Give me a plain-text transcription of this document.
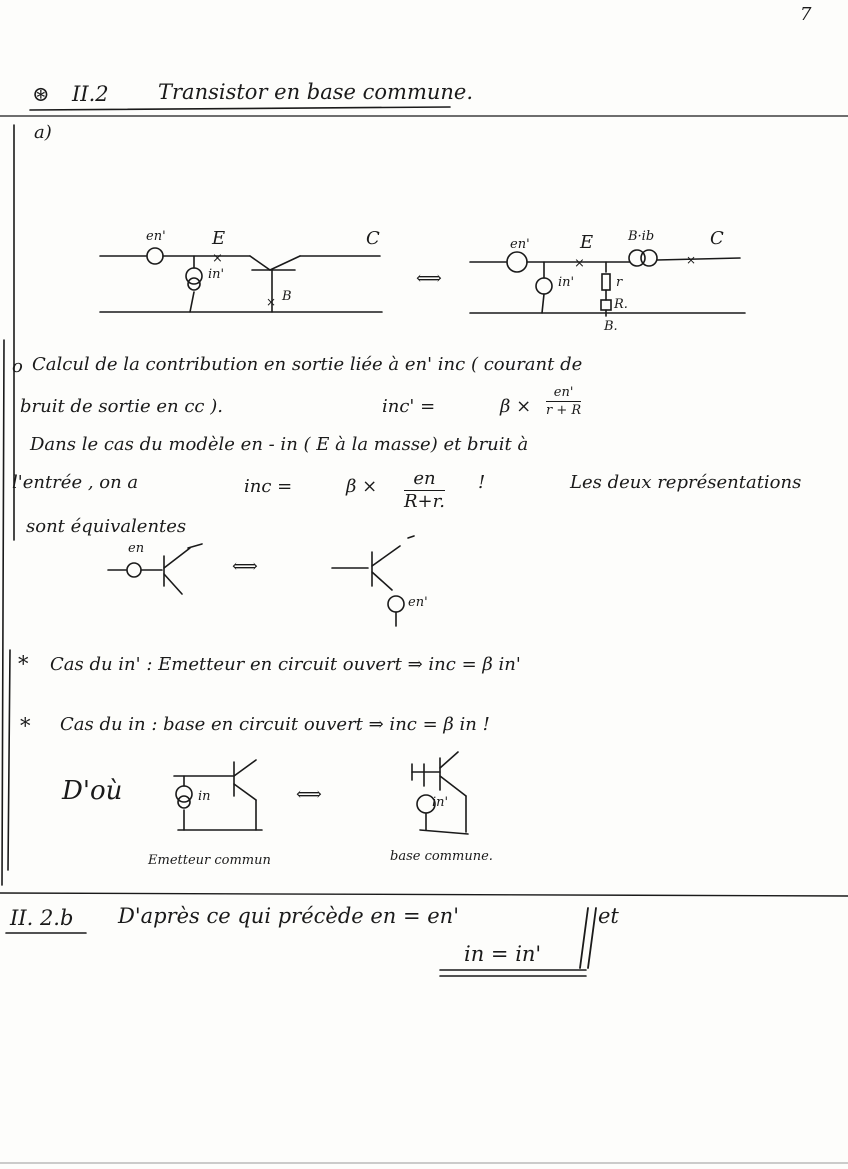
7
⊛ II.2 Transistor en base commune.
a)
×
×
×	×
en'	E	C
in'
B
⟺
en'	E	B·ib	C
in'	r
R.
B.
o Calcul de la contribution en sortie liée à en' inc ( courant de
bruit de sortie en cc ).	inc' =	$\beta \times \frac{en'}{r + R}$
Dans le cas du modèle en - in ( E à la masse) et bruit à
l'entrée , on a	inc =	$\beta \times \frac{en}{R+r.}$ !	Les deux représentations
sont équivalentes
en
⟺
en'
* Cas du in' : Emetteur en circuit ouvert ⇒ inc = β in'
* Cas du in : base en circuit ouvert ⇒ inc = β in !
D'où	in	⟺	in'
Emetteur commun	base commune.
II. 2.b D'après ce qui précède en = en'	et
in = in'
